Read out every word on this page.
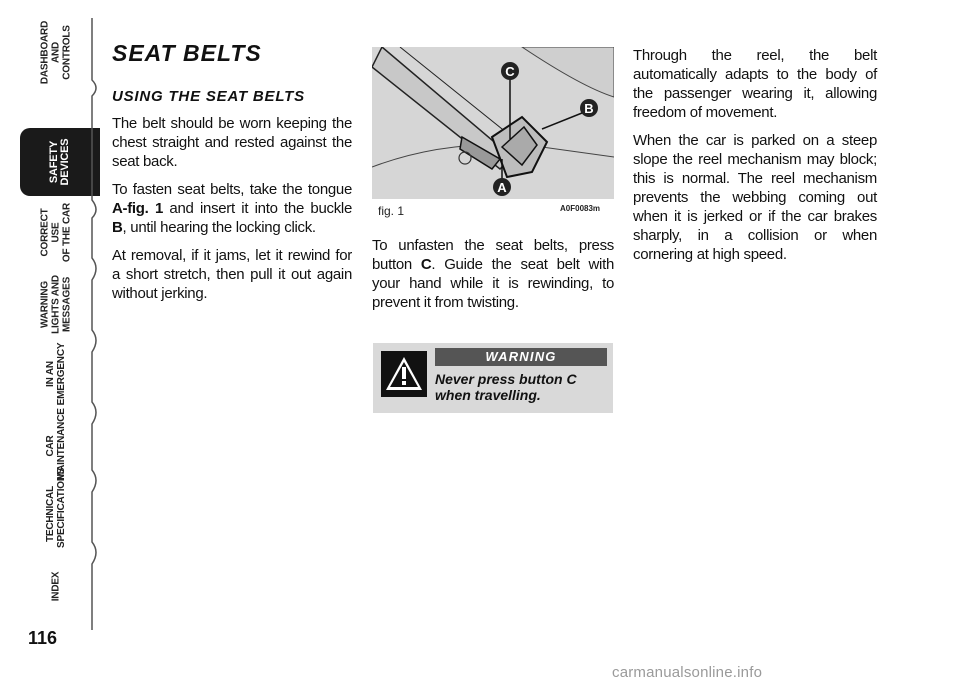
DASHBOARD
AND
CONTROLS
SAFETY
DEVICES
CORRECT USE
OF THE CAR
WARNING
LIGHTS AND
MESSAGES
IN AN
EMERGENCY
CAR
MAINTENANCE
TECHNICAL
SPECIFICATIONS
INDEX
116
SEAT BELTS
USING THE SEAT BELTS

The belt should be worn keeping the chest straight and rested against the seat back.

To fasten seat belts, take the tongue A-fig. 1 and insert it into the buckle B, until hearing the locking click.

At removal, if it jams, let it rewind for a short stretch, then pull it out again without jerking.

C
B
A
fig. 1	A0F0083m

To unfasten the seat belts, press button C. Guide the seat belt with your hand while it is rewinding, to prevent it from twisting.

WARNING
Never press button C when travelling.

Through the reel, the belt automatically adapts to the body of the passenger wearing it, allowing freedom of movement.

When the car is parked on a steep slope the reel mechanism may block; this is normal. The reel mechanism prevents the webbing coming out when it is jerked or if the car brakes sharply, in a collision or when cornering at high speed.

carmanualsonline.info
